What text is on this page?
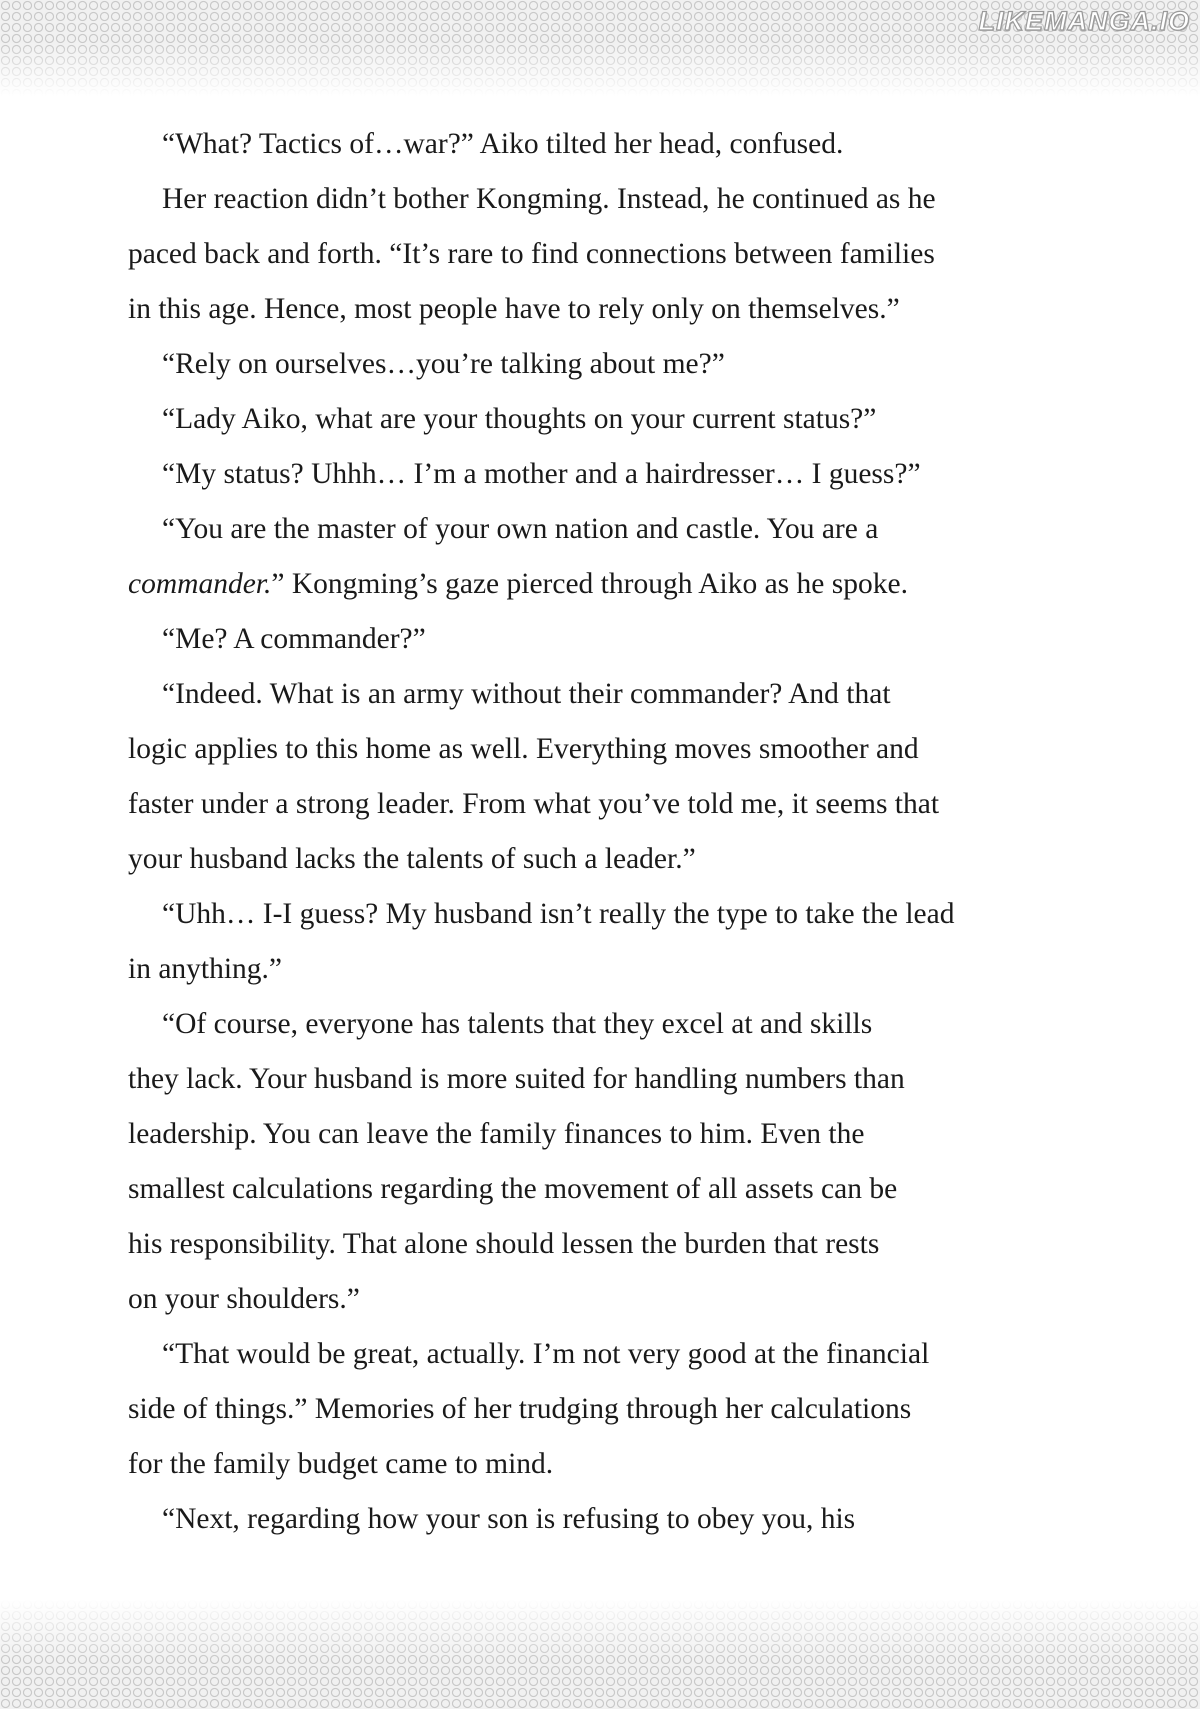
LIKEMANGA.IO
“What? Tactics of…war?” Aiko tilted her head, confused.
Her reaction didn’t bother Kongming. Instead, he continued as he
paced back and forth. “It’s rare to find connections between families
in this age. Hence, most people have to rely only on themselves.”
“Rely on ourselves…you’re talking about me?”
“Lady Aiko, what are your thoughts on your current status?”
“My status? Uhhh… I’m a mother and a hairdresser… I guess?”
“You are the master of your own nation and castle. You are a
commander.” Kongming’s gaze pierced through Aiko as he spoke.
“Me? A commander?”
“Indeed. What is an army without their commander? And that
logic applies to this home as well. Everything moves smoother and
faster under a strong leader. From what you’ve told me, it seems that
your husband lacks the talents of such a leader.”
“Uhh… I-I guess? My husband isn’t really the type to take the lead
in anything.”
“Of course, everyone has talents that they excel at and skills
they lack. Your husband is more suited for handling numbers than
leadership. You can leave the family finances to him. Even the
smallest calculations regarding the movement of all assets can be
his responsibility. That alone should lessen the burden that rests
on your shoulders.”
“That would be great, actually. I’m not very good at the financial
side of things.” Memories of her trudging through her calculations
for the family budget came to mind.
“Next, regarding how your son is refusing to obey you, his
